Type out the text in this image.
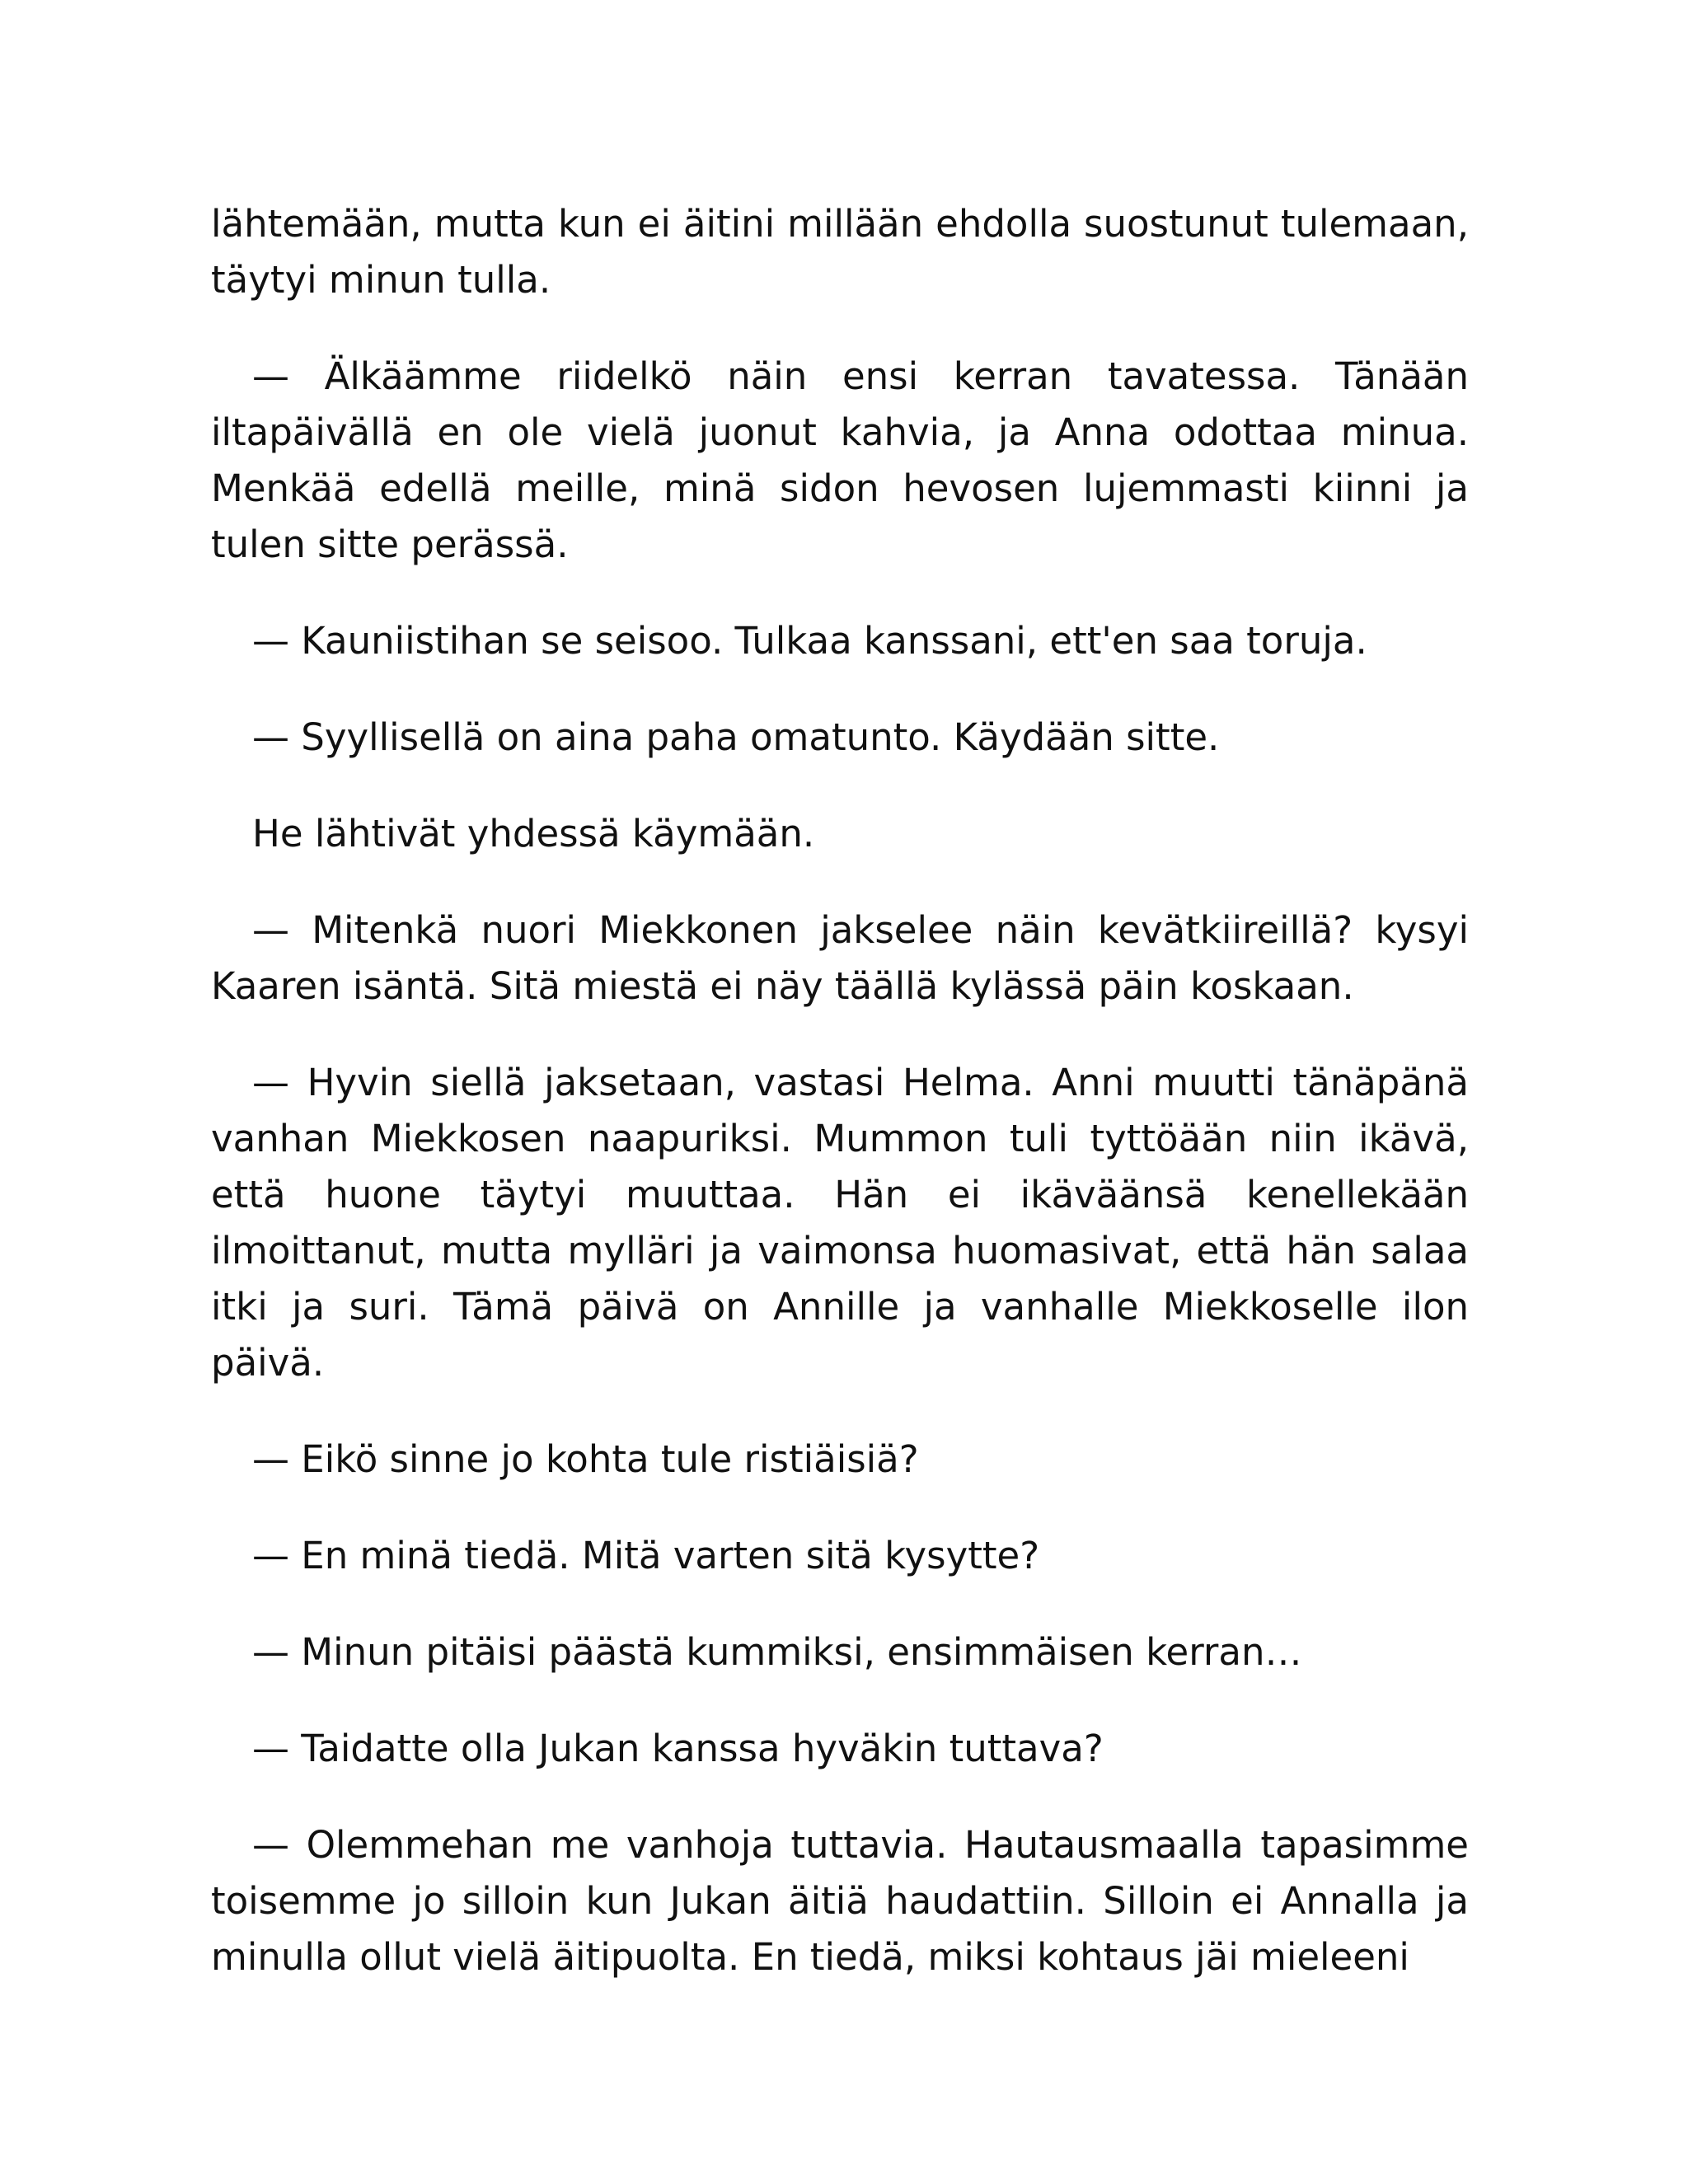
lähtemään, mutta kun ei äitini millään ehdolla suostunut tulemaan, täytyi minun tulla.

— Älkäämme riidelkö näin ensi kerran tavatessa. Tänään iltapäivällä en ole vielä juonut kahvia, ja Anna odottaa minua. Menkää edellä meille, minä sidon hevosen lujemmasti kiinni ja tulen sitte perässä.

— Kauniistihan se seisoo. Tulkaa kanssani, ett'en saa toruja.

— Syyllisellä on aina paha omatunto. Käydään sitte.

He lähtivät yhdessä käymään.

— Mitenkä nuori Miekkonen jakselee näin kevätkiireillä? kysyi Kaaren isäntä. Sitä miestä ei näy täällä kylässä päin koskaan.

— Hyvin siellä jaksetaan, vastasi Helma. Anni muutti tänäpänä vanhan Miekkosen naapuriksi. Mummon tuli tyttöään niin ikävä, että huone täytyi muuttaa. Hän ei ikäväänsä kenellekään ilmoittanut, mutta mylläri ja vaimonsa huomasivat, että hän salaa itki ja suri. Tämä päivä on Annille ja vanhalle Miekkoselle ilon päivä.

— Eikö sinne jo kohta tule ristiäisiä?

— En minä tiedä. Mitä varten sitä kysytte?

— Minun pitäisi päästä kummiksi, ensimmäisen kerran…

— Taidatte olla Jukan kanssa hyväkin tuttava?

— Olemmehan me vanhoja tuttavia. Hautausmaalla tapasimme toisemme jo silloin kun Jukan äitiä haudattiin. Silloin ei Annalla ja minulla ollut vielä äitipuolta. En tiedä, miksi kohtaus jäi mieleeni
